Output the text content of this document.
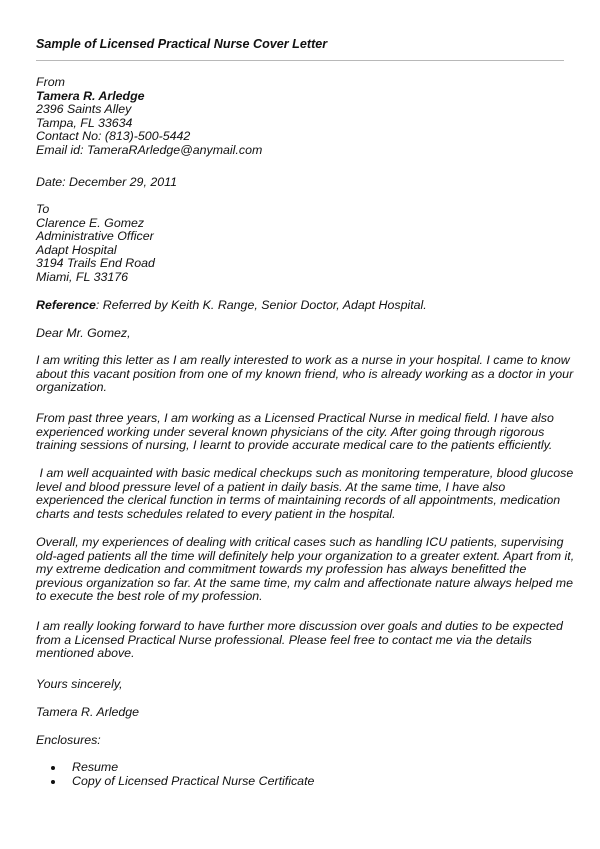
Sample of Licensed Practical Nurse Cover Letter
From
Tamera R. Arledge
2396 Saints Alley
Tampa, FL 33634
Contact No: (813)-500-5442
Email id: TameraRArledge@anymail.com
Date: December 29, 2011
To
Clarence E. Gomez
Administrative Officer
Adapt Hospital
3194 Trails End Road
Miami, FL 33176
Reference: Referred by Keith K. Range, Senior Doctor, Adapt Hospital.
Dear Mr. Gomez,
I am writing this letter as I am really interested to work as a nurse in your hospital. I came to know
about this vacant position from one of my known friend, who is already working as a doctor in your
organization.
From past three years, I am working as a Licensed Practical Nurse in medical field. I have also
experienced working under several known physicians of the city. After going through rigorous
training sessions of nursing, I learnt to provide accurate medical care to the patients efficiently.
I am well acquainted with basic medical checkups such as monitoring temperature, blood glucose
level and blood pressure level of a patient in daily basis. At the same time, I have also
experienced the clerical function in terms of maintaining records of all appointments, medication
charts and tests schedules related to every patient in the hospital.
Overall, my experiences of dealing with critical cases such as handling ICU patients, supervising
old-aged patients all the time will definitely help your organization to a greater extent. Apart from it,
my extreme dedication and commitment towards my profession has always benefitted the
previous organization so far. At the same time, my calm and affectionate nature always helped me
to execute the best role of my profession.
I am really looking forward to have further more discussion over goals and duties to be expected
from a Licensed Practical Nurse professional. Please feel free to contact me via the details
mentioned above.
Yours sincerely,
Tamera R. Arledge
Enclosures:
Resume
Copy of Licensed Practical Nurse Certificate
